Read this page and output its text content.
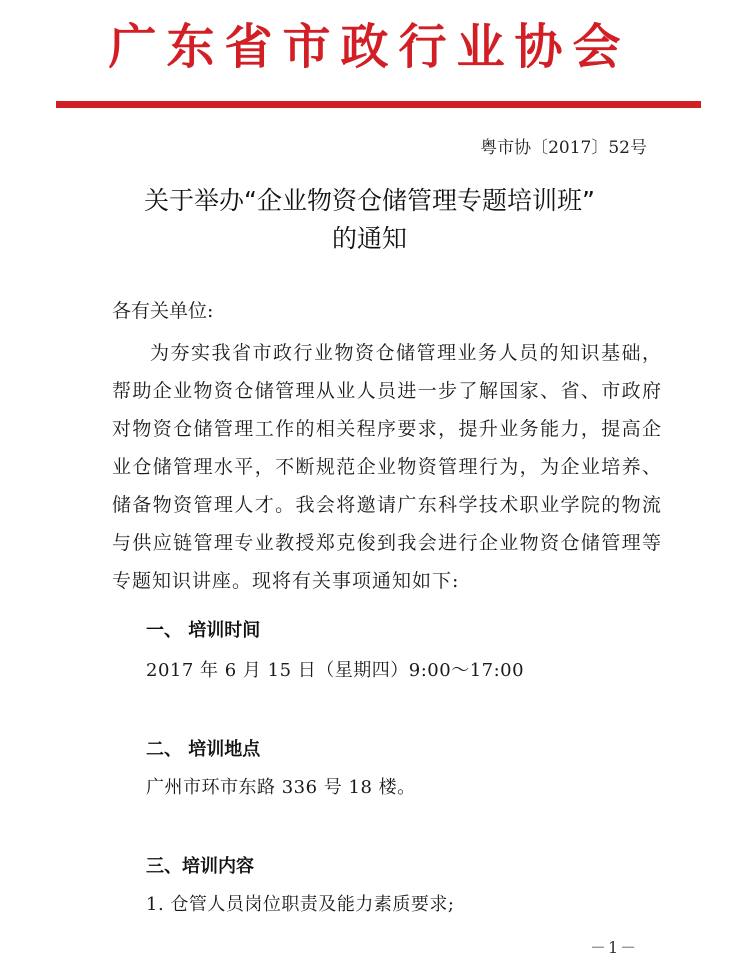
广东省市政行业协会
粤市协〔2017〕52号
关于举办“企业物资仓储管理专题培训班”
的通知
各有关单位:
为夯实我省市政行业物资仓储管理业务人员的知识基础，帮助企业物资仓储管理从业人员进一步了解国家、省、市政府对物资仓储管理工作的相关程序要求，提升业务能力，提高企业仓储管理水平，不断规范企业物资管理行为，为企业培养、储备物资管理人才。我会将邀请广东科学技术职业学院的物流与供应链管理专业教授郑克俊到我会进行企业物资仓储管理等专题知识讲座。现将有关事项通知如下:
一、 培训时间
2017 年 6 月 15 日（星期四）9:00～17:00
二、 培训地点
广州市环市东路 336 号 18 楼。
三、培训内容
1. 仓管人员岗位职责及能力素质要求;
－1－
